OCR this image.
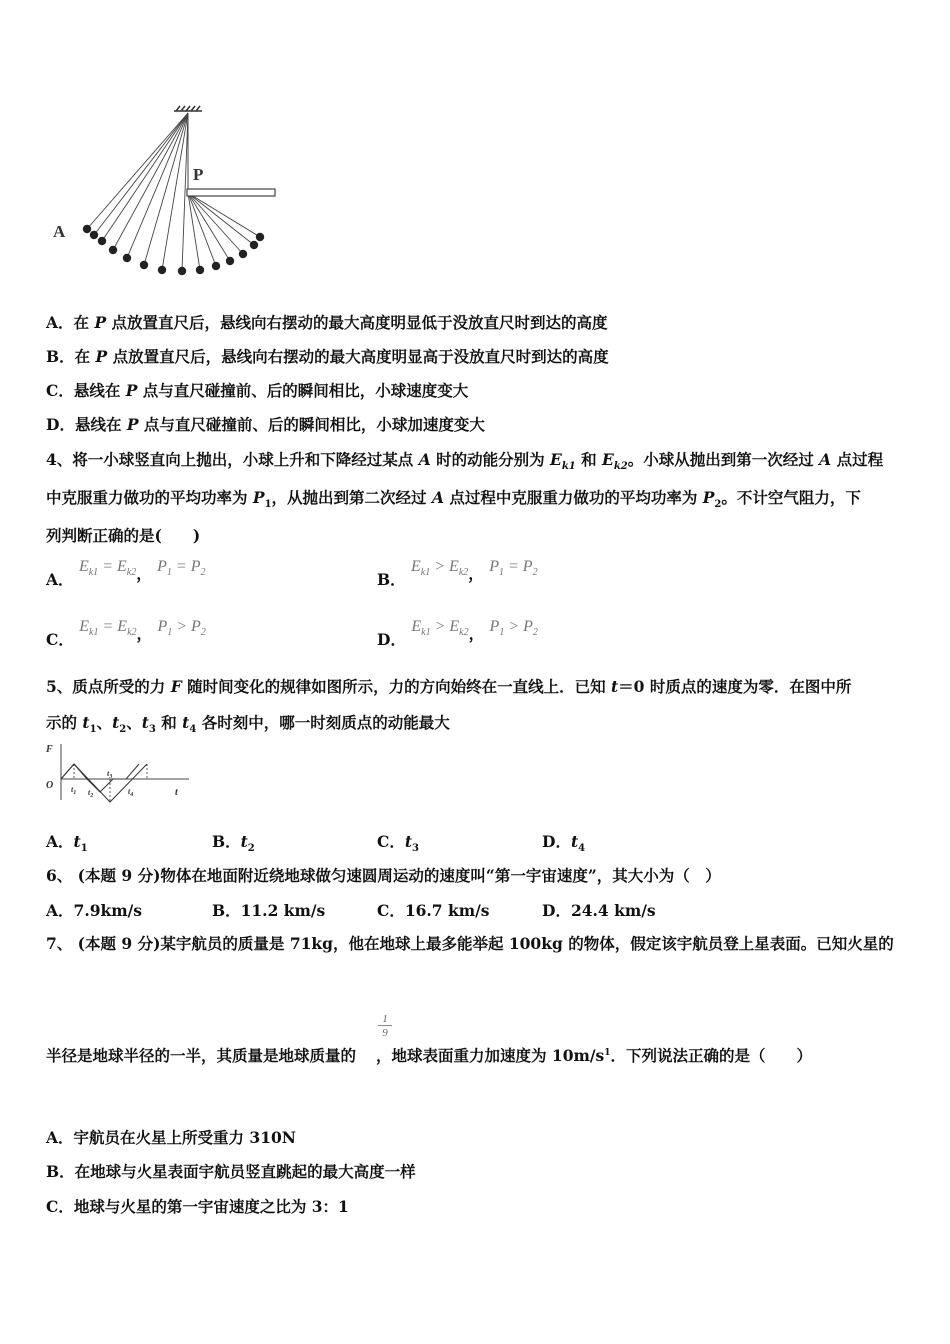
P
A
A．在 P 点放置直尺后，悬线向右摆动的最大高度明显低于没放直尺时到达的高度
B．在 P 点放置直尺后，悬线向右摆动的最大高度明显高于没放直尺时到达的高度
C．悬线在 P 点与直尺碰撞前、后的瞬间相比，小球速度变大
D．悬线在 P 点与直尺碰撞前、后的瞬间相比，小球加速度变大
4、将一小球竖直向上抛出，小球上升和下降经过某点 A 时的动能分别为 $E_{k1}$ 和 $E_{k2}$。小球从抛出到第一次经过 A 点过程
中克服重力做功的平均功率为 $P_1$，从抛出到第二次经过 A 点过程中克服重力做功的平均功率为 $P_2$。不计空气阻力，下
列判断正确的是(　　)
A． $E_{k1} = E_{k2}$， $P_1 = P_2$	B． $E_{k1} > E_{k2}$， $P_1 = P_2$
C． $E_{k1} = E_{k2}$， $P_1 > P_2$	D． $E_{k1} > E_{k2}$， $P_1 > P_2$
5、质点所受的力 F 随时间变化的规律如图所示，力的方向始终在一直线上．已知 t＝0 时质点的速度为零．在图中所
示的 $t_1$、$t_2$、$t_3$ 和 $t_4$ 各时刻中，哪一时刻质点的动能最大
F
O
t
$t_1$ $t_2$
$t_3$
$t_4$
A．$t_1$	B．$t_2$	C．$t_3$	D．$t_4$
6、 (本题 9 分)物体在地面附近绕地球做匀速圆周运动的速度叫“第一宇宙速度”，其大小为（　）
A．7.9km/s	B．11.2 km/s	C．16.7 km/s	D．24.4 km/s
7、 (本题 9 分)某宇航员的质量是 71kg，他在地球上最多能举起 100kg 的物体，假定该宇航员登上星表面。已知火星的
1
9
半径是地球半径的一半，其质量是地球质量的 ，地球表面重力加速度为 $10m/s^1$．下列说法正确的是（　　）
A．宇航员在火星上所受重力 310N
B．在地球与火星表面宇航员竖直跳起的最大高度一样
C．地球与火星的第一宇宙速度之比为 3：1
